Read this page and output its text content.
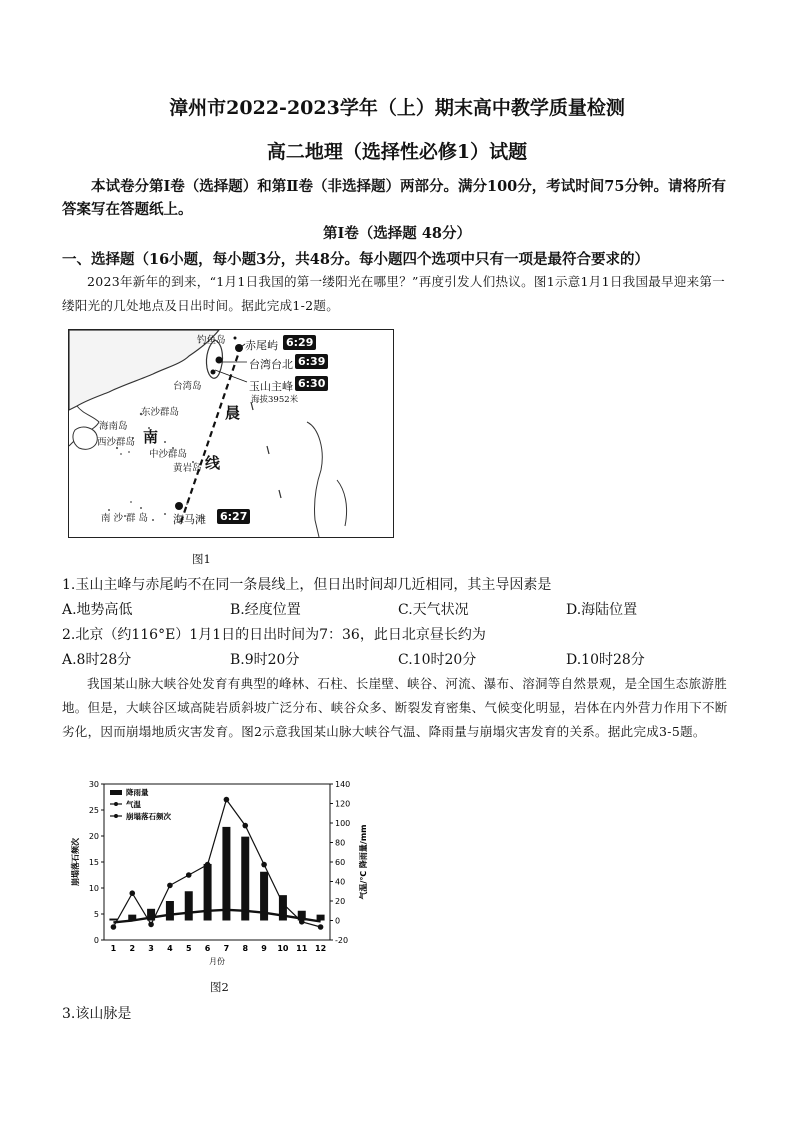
漳州市2022-2023学年（上）期末高中教学质量检测
高二地理（选择性必修1）试题
本试卷分第Ⅰ卷（选择题）和第Ⅱ卷（非选择题）两部分。满分100分，考试时间75分钟。请将所有答案写在答题纸上。
第Ⅰ卷（选择题 48分）
一、选择题（16小题，每小题3分，共48分。每小题四个选项中只有一项是最符合要求的）
2023年新年的到来，“1月1日我国的第一缕阳光在哪里？”再度引发人们热议。图1示意1月1日我国最早迎来第一缕阳光的几处地点及日出时间。据此完成1-2题。
钓鱼岛
台湾岛
东沙群岛
海南岛
西沙群岛
中沙群岛
黄岩岛
南 沙 群 岛
南
晨
线
赤尾屿 6:29
台湾台北 6:39
玉山主峰 6:30
海拔3952米
海马滩 6:27
图1
1.玉山主峰与赤尾屿不在同一条晨线上，但日出时间却几近相同，其主导因素是
A.地势高低	B.经度位置	C.天气状况	D.海陆位置
2.北京（约116°E）1月1日的日出时间为7：36，此日北京昼长约为
A.8时28分	B.9时20分	C.10时20分	D.10时28分
我国某山脉大峡谷处发育有典型的峰林、石柱、长崖壁、峡谷、河流、瀑布、溶洞等自然景观，是全国生态旅游胜地。但是，大峡谷区域高陡岩质斜坡广泛分布、峡谷众多、断裂发育密集、气候变化明显，岩体在内外营力作用下不断劣化，因而崩塌地质灾害发育。图2示意我国某山脉大峡谷气温、降雨量与崩塌灾害发育的关系。据此完成3-5题。
0
5
10
15
20
25
30
-20
0
20
40
60
80
100
120
140
1 2 3 4 5 6 7 8 9 10 11 12
月份
崩塌落石频次	气温/℃ 降雨量/mm
降雨量
气温
崩塌落石频次
图2
3.该山脉是
